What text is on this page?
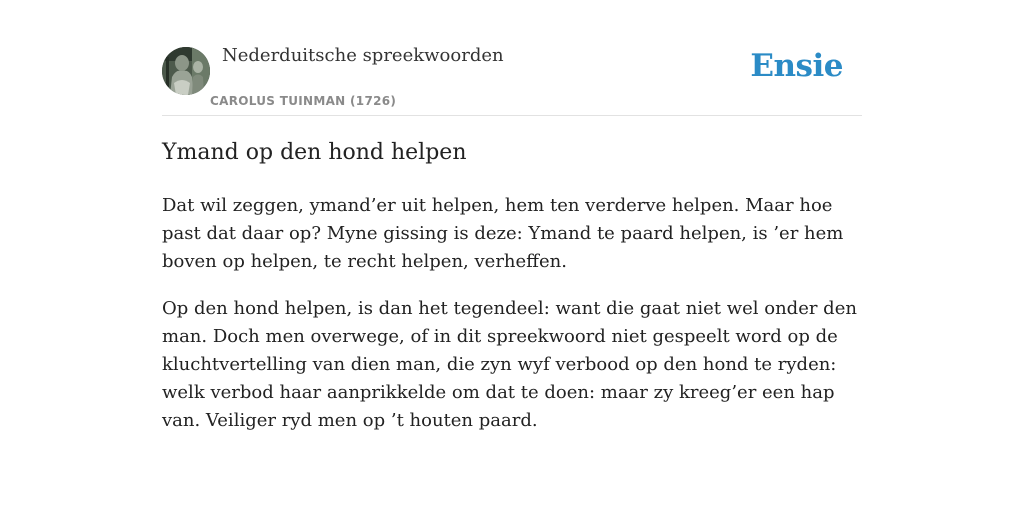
Nederduitsche spreekwoorden
CAROLUS TUINMAN (1726)
Ensie
Ymand op den hond helpen

Dat wil zeggen, ymand’er uit helpen, hem ten verderve helpen. Maar hoe past dat daar op? Myne gissing is deze: Ymand te paard helpen, is ’er hem boven op helpen, te recht helpen, verheffen.

Op den hond helpen, is dan het tegendeel: want die gaat niet wel onder den man. Doch men overwege, of in dit spreekwoord niet gespeelt word op de kluchtvertelling van dien man, die zyn wyf verbood op den hond te ryden: welk verbod haar aanprikkelde om dat te doen: maar zy kreeg’er een hap van. Veiliger ryd men op ’t houten paard.
